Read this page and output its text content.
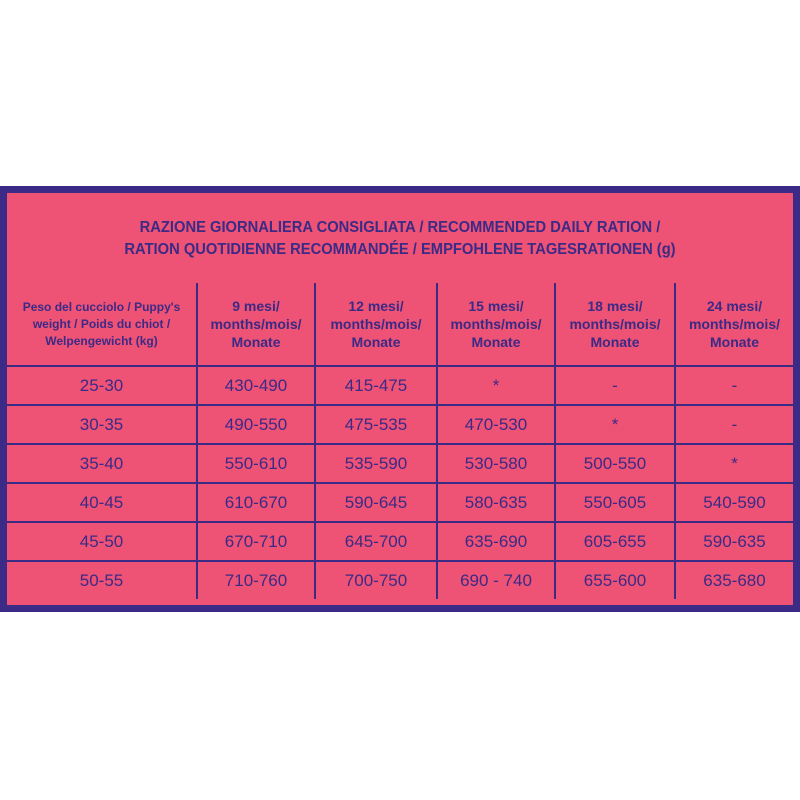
RAZIONE GIORNALIERA CONSIGLIATA / RECOMMENDED DAILY RATION /
RATION QUOTIDIENNE RECOMMANDÉE / EMPFOHLENE TAGESRATIONEN (g)
Peso del cucciolo / Puppy's
weight / Poids du chiot /
Welpengewicht (kg)	9 mesi/
months/mois/
Monate	12 mesi/
months/mois/
Monate	15 mesi/
months/mois/
Monate	18 mesi/
months/mois/
Monate	24 mesi/
months/mois/
Monate

25-30	430-490	415-475	*	-	-
30-35	490-550	475-535	470-530	*	-
35-40	550-610	535-590	530-580	500-550	*
40-45	610-670	590-645	580-635	550-605	540-590
45-50	670-710	645-700	635-690	605-655	590-635
50-55	710-760	700-750	690 - 740	655-600	635-680
